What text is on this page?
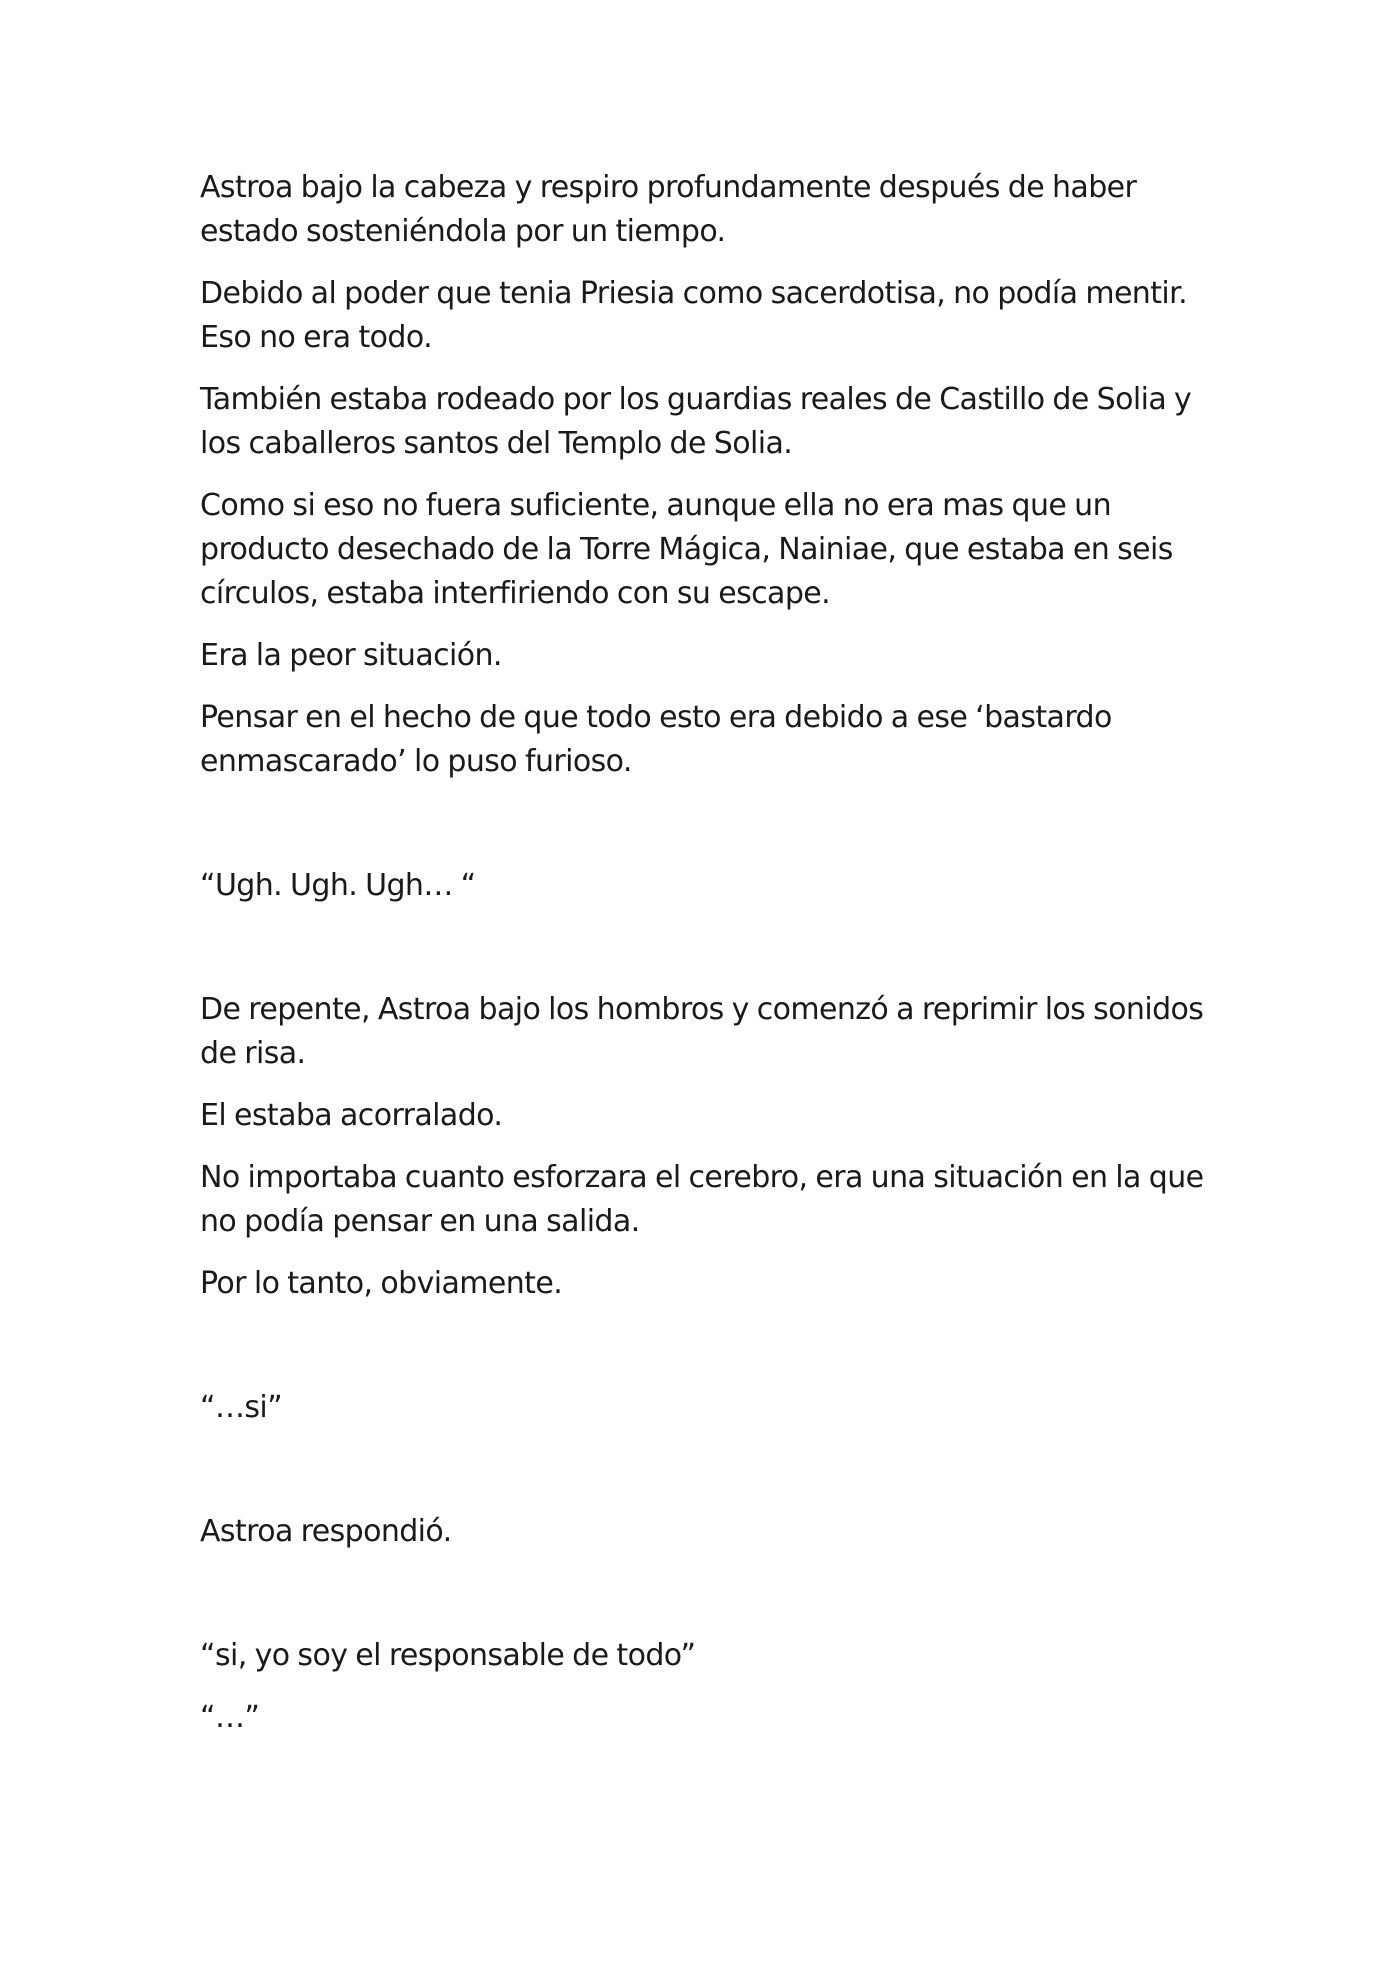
Astroa bajo la cabeza y respiro profundamente después de haber estado sosteniéndola por un tiempo.

Debido al poder que tenia Priesia como sacerdotisa, no podía mentir. Eso no era todo.

También estaba rodeado por los guardias reales de Castillo de Solia y los caballeros santos del Templo de Solia.

Como si eso no fuera suficiente, aunque ella no era mas que un producto desechado de la Torre Mágica, Nainiae, que estaba en seis círculos, estaba interfiriendo con su escape.

Era la peor situación.

Pensar en el hecho de que todo esto era debido a ese ‘bastardo enmascarado’ lo puso furioso.

“Ugh. Ugh. Ugh… “

De repente, Astroa bajo los hombros y comenzó a reprimir los sonidos de risa.

El estaba acorralado.

No importaba cuanto esforzara el cerebro, era una situación en la que no podía pensar en una salida.

Por lo tanto, obviamente.

“…si”

Astroa respondió.

“si, yo soy el responsable de todo”

“…”
